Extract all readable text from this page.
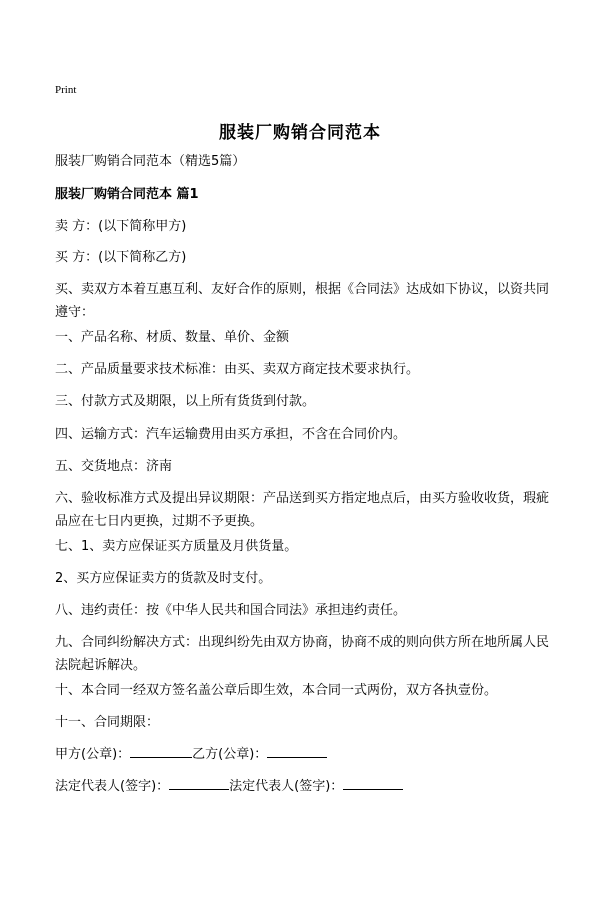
Print
服装厂购销合同范本
服装厂购销合同范本（精选5篇）
服装厂购销合同范本 篇1
卖 方：(以下简称甲方)
买 方：(以下简称乙方)
买、卖双方本着互惠互利、友好合作的原则，根据《合同法》达成如下协议，以资共同遵守：
一、产品名称、材质、数量、单价、金额
二、产品质量要求技术标准：由买、卖双方商定技术要求执行。
三、付款方式及期限，以上所有货货到付款。
四、运输方式：汽车运输费用由买方承担，不含在合同价内。
五、交货地点：济南
六、验收标准方式及提出异议期限：产品送到买方指定地点后，由买方验收收货，瑕疵品应在七日内更换，过期不予更换。
七、1、卖方应保证买方质量及月供货量。
2、买方应保证卖方的货款及时支付。
八、违约责任：按《中华人民共和国合同法》承担违约责任。
九、合同纠纷解决方式：出现纠纷先由双方协商，协商不成的则向供方所在地所属人民法院起诉解决。
十、本合同一经双方签名盖公章后即生效，本合同一式两份，双方各执壹份。
十一、合同期限：
甲方(公章)：	乙方(公章)：
法定代表人(签字)：	法定代表人(签字)：
